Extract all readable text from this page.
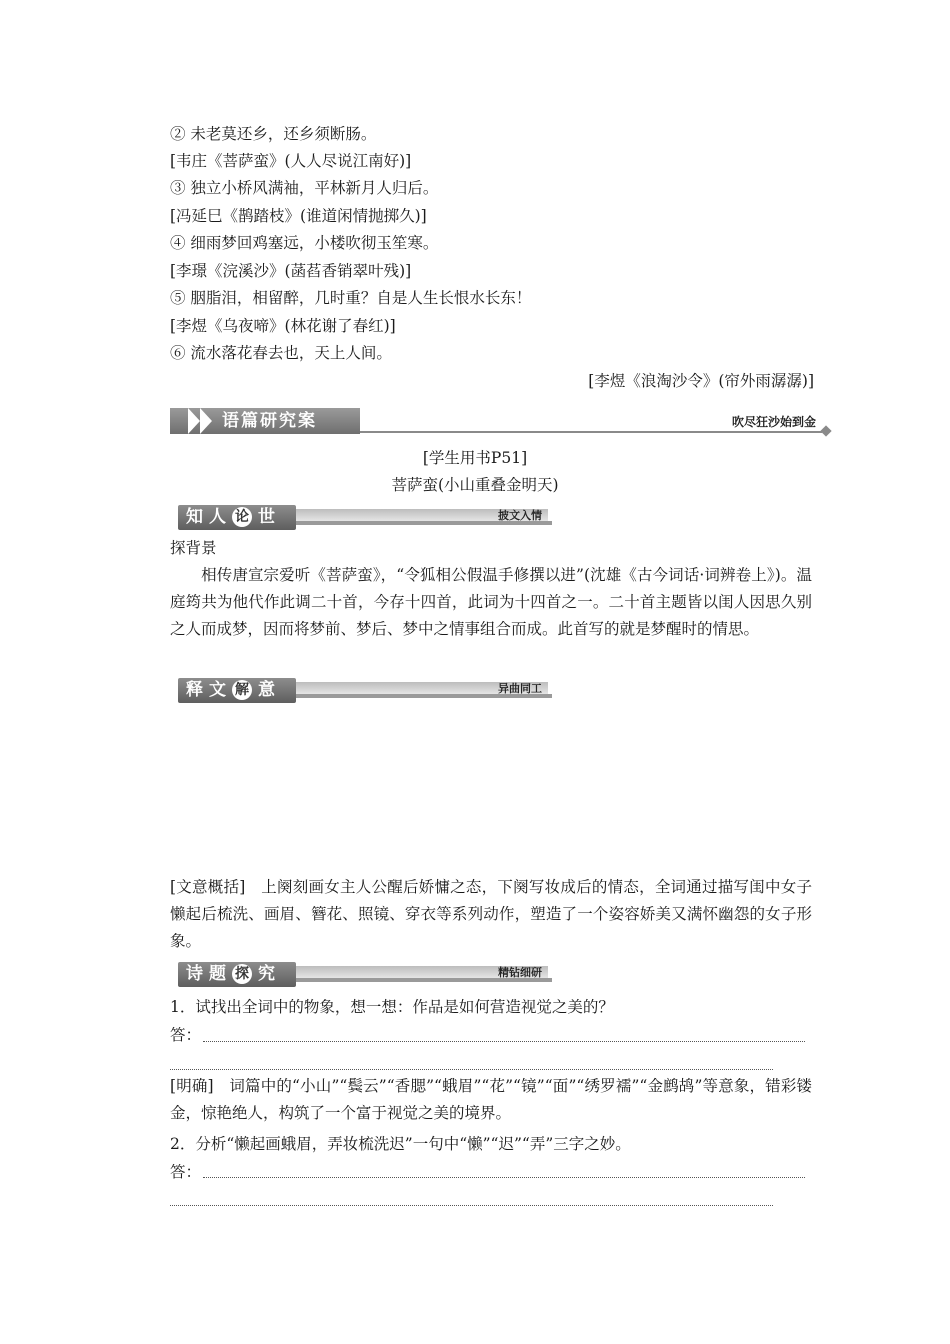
② 未老莫还乡，还乡须断肠。
[韦庄《菩萨蛮》(人人尽说江南好)]
③ 独立小桥风满袖，平林新月人归后。
[冯延巳《鹊踏枝》(谁道闲情抛掷久)]
④ 细雨梦回鸡塞远，小楼吹彻玉笙寒。
[李璟《浣溪沙》(菡萏香销翠叶残)]
⑤ 胭脂泪，相留醉，几时重？自是人生长恨水长东！
[李煜《乌夜啼》(林花谢了春红)]
⑥ 流水落花春去也，天上人间。
[李煜《浪淘沙令》(帘外雨潺潺)]
语篇研究案	吹尽狂沙始到金
[学生用书P51]
菩萨蛮(小山重叠金明天)
知人 论 世	披文入情
探背景
相传唐宣宗爱听《菩萨蛮》，“令狐相公假温手修撰以进”(沈雄《古今词话·词辨卷上》)。温庭筠共为他代作此调二十首，今存十四首，此词为十四首之一。二十首主题皆以闺人因思久别之人而成梦，因而将梦前、梦后、梦中之情事组合而成。此首写的就是梦醒时的情思。
释文 解 意	异曲同工
[文意概括]　上阕刻画女主人公醒后娇慵之态，下阕写妆成后的情态，全词通过描写闺中女子懒起后梳洗、画眉、簪花、照镜、穿衣等系列动作，塑造了一个姿容娇美又满怀幽怨的女子形象。
诗题 探 究	精钻细研
1．试找出全词中的物象，想一想：作品是如何营造视觉之美的？
答：
[明确]　词篇中的“小山”“鬓云”“香腮”“蛾眉”“花”“镜”“面”“绣罗襦”“金鹧鸪”等意象，错彩镂金，惊艳绝人，构筑了一个富于视觉之美的境界。
2．分析“懒起画蛾眉，弄妆梳洗迟”一句中“懒”“迟”“弄”三字之妙。
答：
